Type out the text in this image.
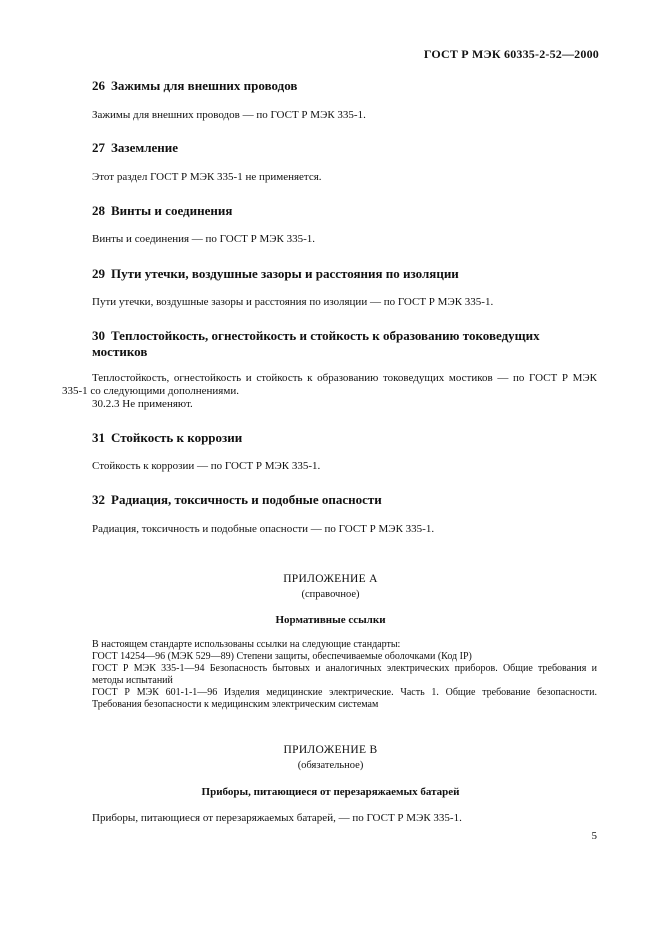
ГОСТ Р МЭК 60335-2-52—2000
26 Зажимы для внешних проводов
Зажимы для внешних проводов — по ГОСТ Р МЭК 335-1.
27 Заземление
Этот раздел ГОСТ Р МЭК 335-1 не применяется.
28 Винты и соединения
Винты и соединения — по ГОСТ Р МЭК 335-1.
29 Пути утечки, воздушные зазоры и расстояния по изоляции
Пути утечки, воздушные зазоры и расстояния по изоляции — по ГОСТ Р МЭК 335-1.
30 Теплостойкость, огнестойкость и стойкость к образованию токоведущих мостиков
Теплостойкость, огнестойкость и стойкость к образованию токоведущих мостиков — по ГОСТ Р МЭК 335-1 со следующими дополнениями.
30.2.3 Не применяют.
31 Стойкость к коррозии
Стойкость к коррозии — по ГОСТ Р МЭК 335-1.
32 Радиация, токсичность и подобные опасности
Радиация, токсичность и подобные опасности — по ГОСТ Р МЭК 335-1.
ПРИЛОЖЕНИЕ А
(справочное)
Нормативные ссылки
В настоящем стандарте использованы ссылки на следующие стандарты:
ГОСТ 14254—96 (МЭК 529—89) Степени защиты, обеспечиваемые оболочками (Код IP)
ГОСТ Р МЭК 335-1—94 Безопасность бытовых и аналогичных электрических приборов. Общие требования и методы испытаний
ГОСТ Р МЭК 601-1-1—96 Изделия медицинские электрические. Часть 1. Общие требование безопасности. Требования безопасности к медицинским электрическим системам
ПРИЛОЖЕНИЕ В
(обязательное)
Приборы, питающиеся от перезаряжаемых батарей
Приборы, питающиеся от перезаряжаемых батарей, — по ГОСТ Р МЭК 335-1.
5
